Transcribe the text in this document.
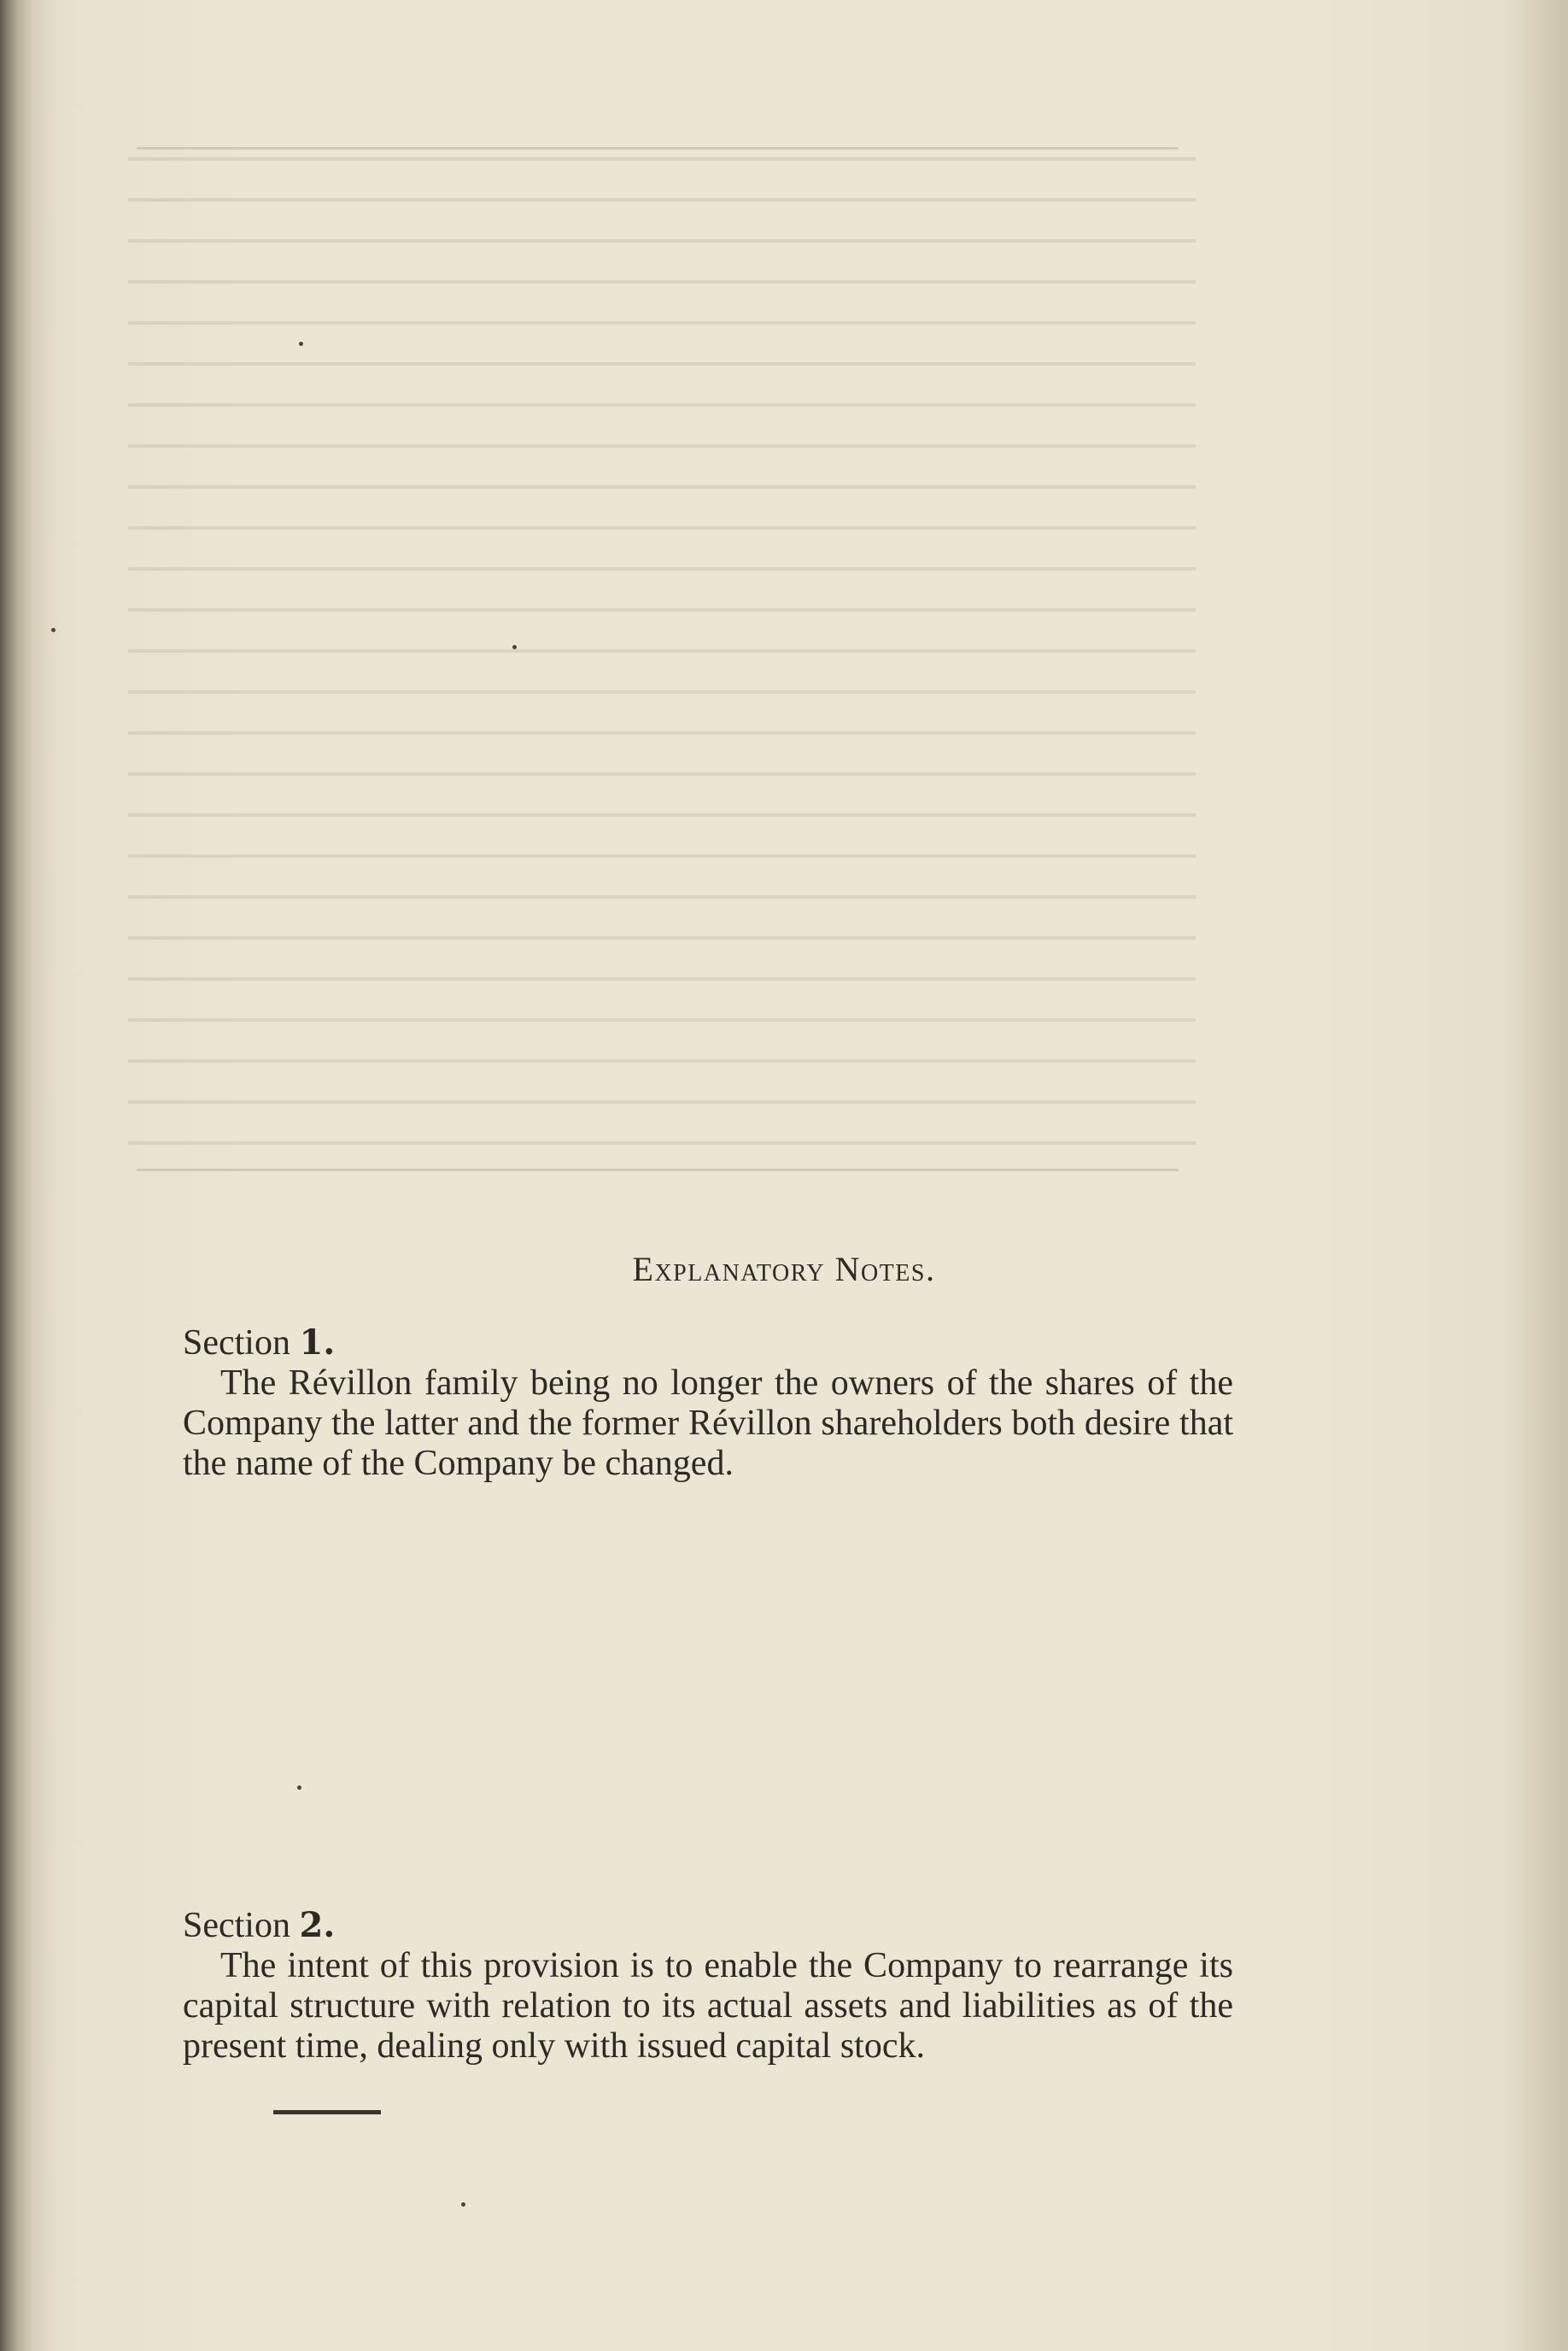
Explanatory Notes.
Section 1.

The Révillon family being no longer the owners of the shares of the Company the latter and the former Révillon shareholders both desire that the name of the Company be changed.

Section 2.

The intent of this provision is to enable the Company to rearrange its capital structure with relation to its actual assets and liabilities as of the present time, dealing only with issued capital stock.
